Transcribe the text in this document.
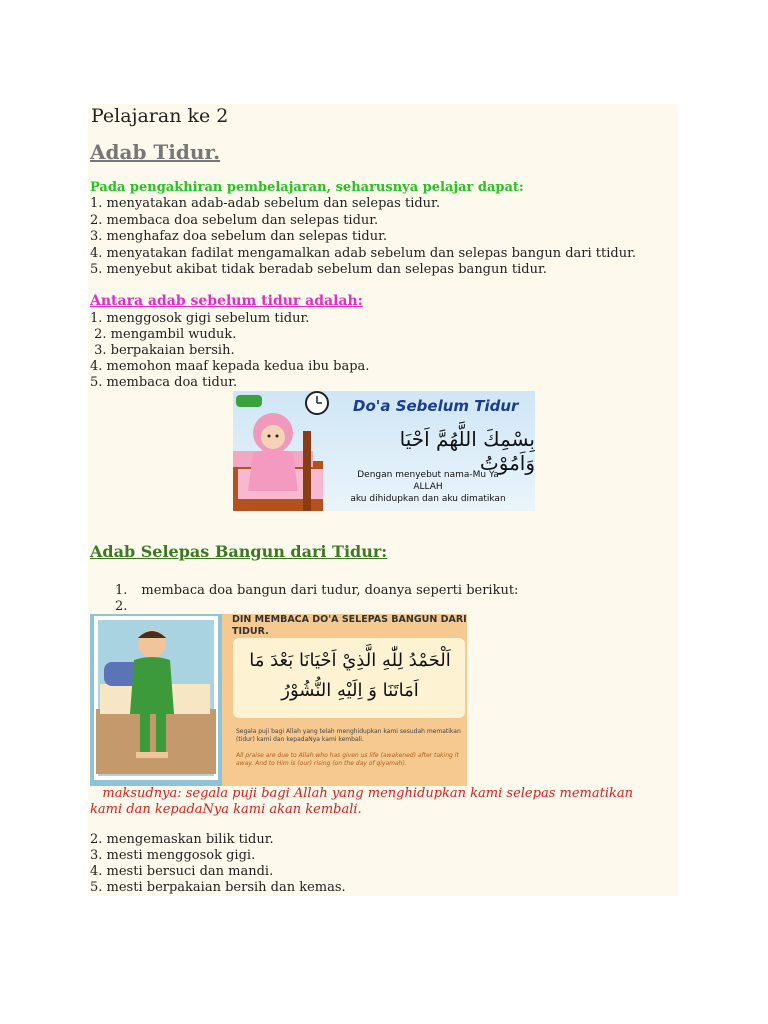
Pelajaran ke 2
Adab Tidur.
Pada pengakhiran pembelajaran, seharusnya pelajar dapat:
1. menyatakan adab-adab sebelum dan selepas tidur.
2. membaca doa sebelum dan selepas tidur.
3. menghafaz doa sebelum dan selepas tidur.
4. menyatakan fadilat mengamalkan adab sebelum dan selepas bangun dari ttidur.
5. menyebut akibat tidak beradab sebelum dan selepas bangun tidur.
Antara adab sebelum tidur adalah:
1. menggosok gigi sebelum tidur.
2. mengambil wuduk.
3. berpakaian bersih.
4. memohon maaf kepada kedua ibu bapa.
5. membaca doa tidur.
Do'a Sebelum Tidur
بِسْمِكَ اللَّهُمَّ اَحْيَا وَاَمُوْتُ
Dengan menyebut nama-Mu Ya ALLAH
aku dihidupkan dan aku dimatikan
Adab Selepas Bangun dari Tidur:
1. membaca doa bangun dari tudur, doanya seperti berikut:
2.
DIN MEMBACA DO'A SELEPAS BANGUN DARI TIDUR.
اَلْحَمْدُ لِلّٰهِ الَّذِيْ اَحْيَانَا بَعْدَ مَا
اَمَاتَنَا وَ اِلَيْهِ النُّشُوْرُ
Segala puji bagi Allah yang telah menghidupkan kami sesudah mematikan (tidur) kami dan kepadaNya kami kembali.
All praise are due to Allah who has given us life (awakened) after taking it away. And to Him is (our) rising (on the day of qiyamah).
maksudnya: segala puji bagi Allah yang menghidupkan kami selepas mematikan kami dan kepadaNya kami akan kembali.
2. mengemaskan bilik tidur.
3. mesti menggosok gigi.
4. mesti bersuci dan mandi.
5. mesti berpakaian bersih dan kemas.
